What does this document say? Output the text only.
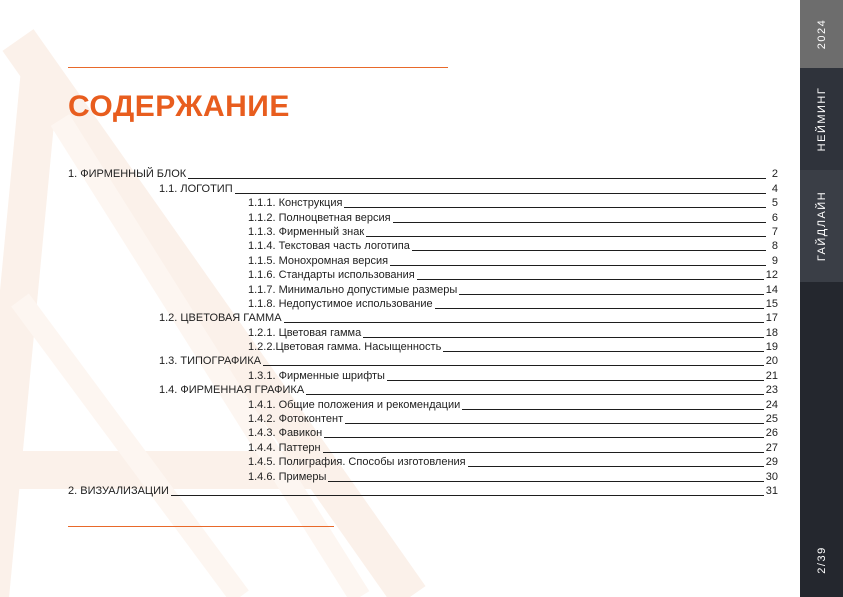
СОДЕРЖАНИЕ
1. ФИРМЕННЫЙ БЛОК	2
1.1. ЛОГОТИП	4
1.1.1. Конструкция	5
1.1.2. Полноцветная версия	6
1.1.3. Фирменный знак	7
1.1.4. Текстовая часть логотипа	8
1.1.5. Монохромная версия	9
1.1.6. Стандарты использования	12
1.1.7. Минимально допустимые размеры	14
1.1.8. Недопустимое использование	15
1.2. ЦВЕТОВАЯ ГАММА	17
1.2.1. Цветовая гамма	18
1.2.2.Цветовая гамма. Насыщенность	19
1.3. ТИПОГРАФИКА	20
1.3.1. Фирменные шрифты	21
1.4. ФИРМЕННАЯ ГРАФИКА	23
1.4.1. Общие положения и рекомендации	24
1.4.2. Фотоконтент	25
1.4.3. Фавикон	26
1.4.4. Паттерн	27
1.4.5. Полиграфия. Способы изготовления	29
1.4.6. Примеры	30
2. ВИЗУАЛИЗАЦИИ	31
2024
НЕЙМИНГ
ГАЙДЛАЙН
2/39
